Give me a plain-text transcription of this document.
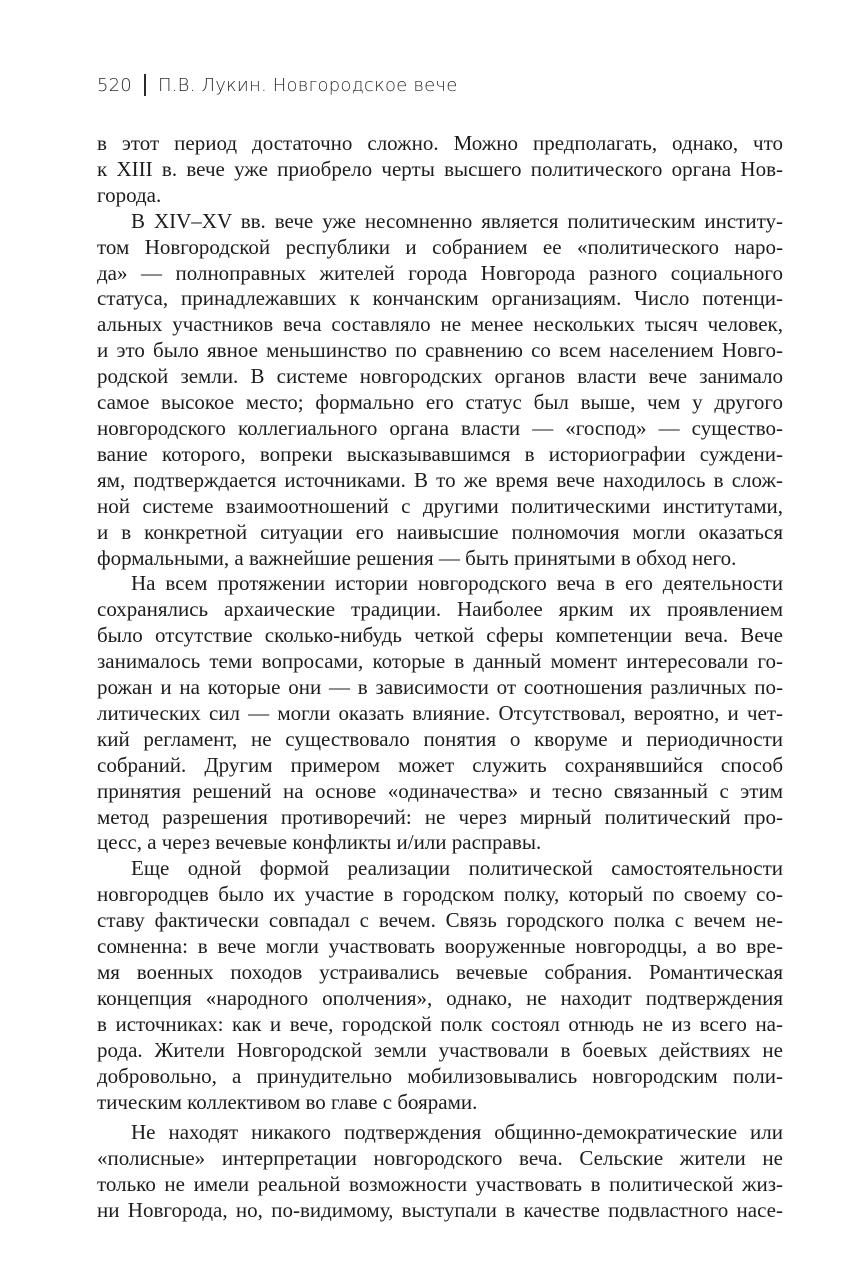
520 П.В. Лукин. Новгородское вече
в этот период достаточно сложно. Можно предполагать, однако, что
к XIII в. вече уже приобрело черты высшего политического органа Нов-
города.
В XIV–XV вв. вече уже несомненно является политическим институ-
том Новгородской республики и собранием ее «политического наро-
да» — полноправных жителей города Новгорода разного социального
статуса, принадлежавших к кончанским организациям. Число потенци-
альных участников веча составляло не менее нескольких тысяч человек,
и это было явное меньшинство по сравнению со всем населением Новго-
родской земли. В системе новгородских органов власти вече занимало
самое высокое место; формально его статус был выше, чем у другого
новгородского коллегиального органа власти — «господ» — существо-
вание которого, вопреки высказывавшимся в историографии суждени-
ям, подтверждается источниками. В то же время вече находилось в слож-
ной системе взаимоотношений с другими политическими институтами,
и в конкретной ситуации его наивысшие полномочия могли оказаться
формальными, а важнейшие решения — быть принятыми в обход него.
На всем протяжении истории новгородского веча в его деятельности
сохранялись архаические традиции. Наиболее ярким их проявлением
было отсутствие сколько-нибудь четкой сферы компетенции веча. Вече
занималось теми вопросами, которые в данный момент интересовали го-
рожан и на которые они — в зависимости от соотношения различных по-
литических сил — могли оказать влияние. Отсутствовал, вероятно, и чет-
кий регламент, не существовало понятия о кворуме и периодичности
собраний. Другим примером может служить сохранявшийся способ
принятия решений на основе «одиначества» и тесно связанный с этим
метод разрешения противоречий: не через мирный политический про-
цесс, а через вечевые конфликты и/или расправы.
Еще одной формой реализации политической самостоятельности
новгородцев было их участие в городском полку, который по своему со-
ставу фактически совпадал с вечем. Связь городского полка с вечем не-
сомненна: в вече могли участвовать вооруженные новгородцы, а во вре-
мя военных походов устраивались вечевые собрания. Романтическая
концепция «народного ополчения», однако, не находит подтверждения
в источниках: как и вече, городской полк состоял отнюдь не из всего на-
рода. Жители Новгородской земли участвовали в боевых действиях не
добровольно, а принудительно мобилизовывались новгородским поли-
тическим коллективом во главе с боярами.
Не находят никакого подтверждения общинно-демократические или
«полисные» интерпретации новгородского веча. Сельские жители не
только не имели реальной возможности участвовать в политической жиз-
ни Новгорода, но, по-видимому, выступали в качестве подвластного насе-
